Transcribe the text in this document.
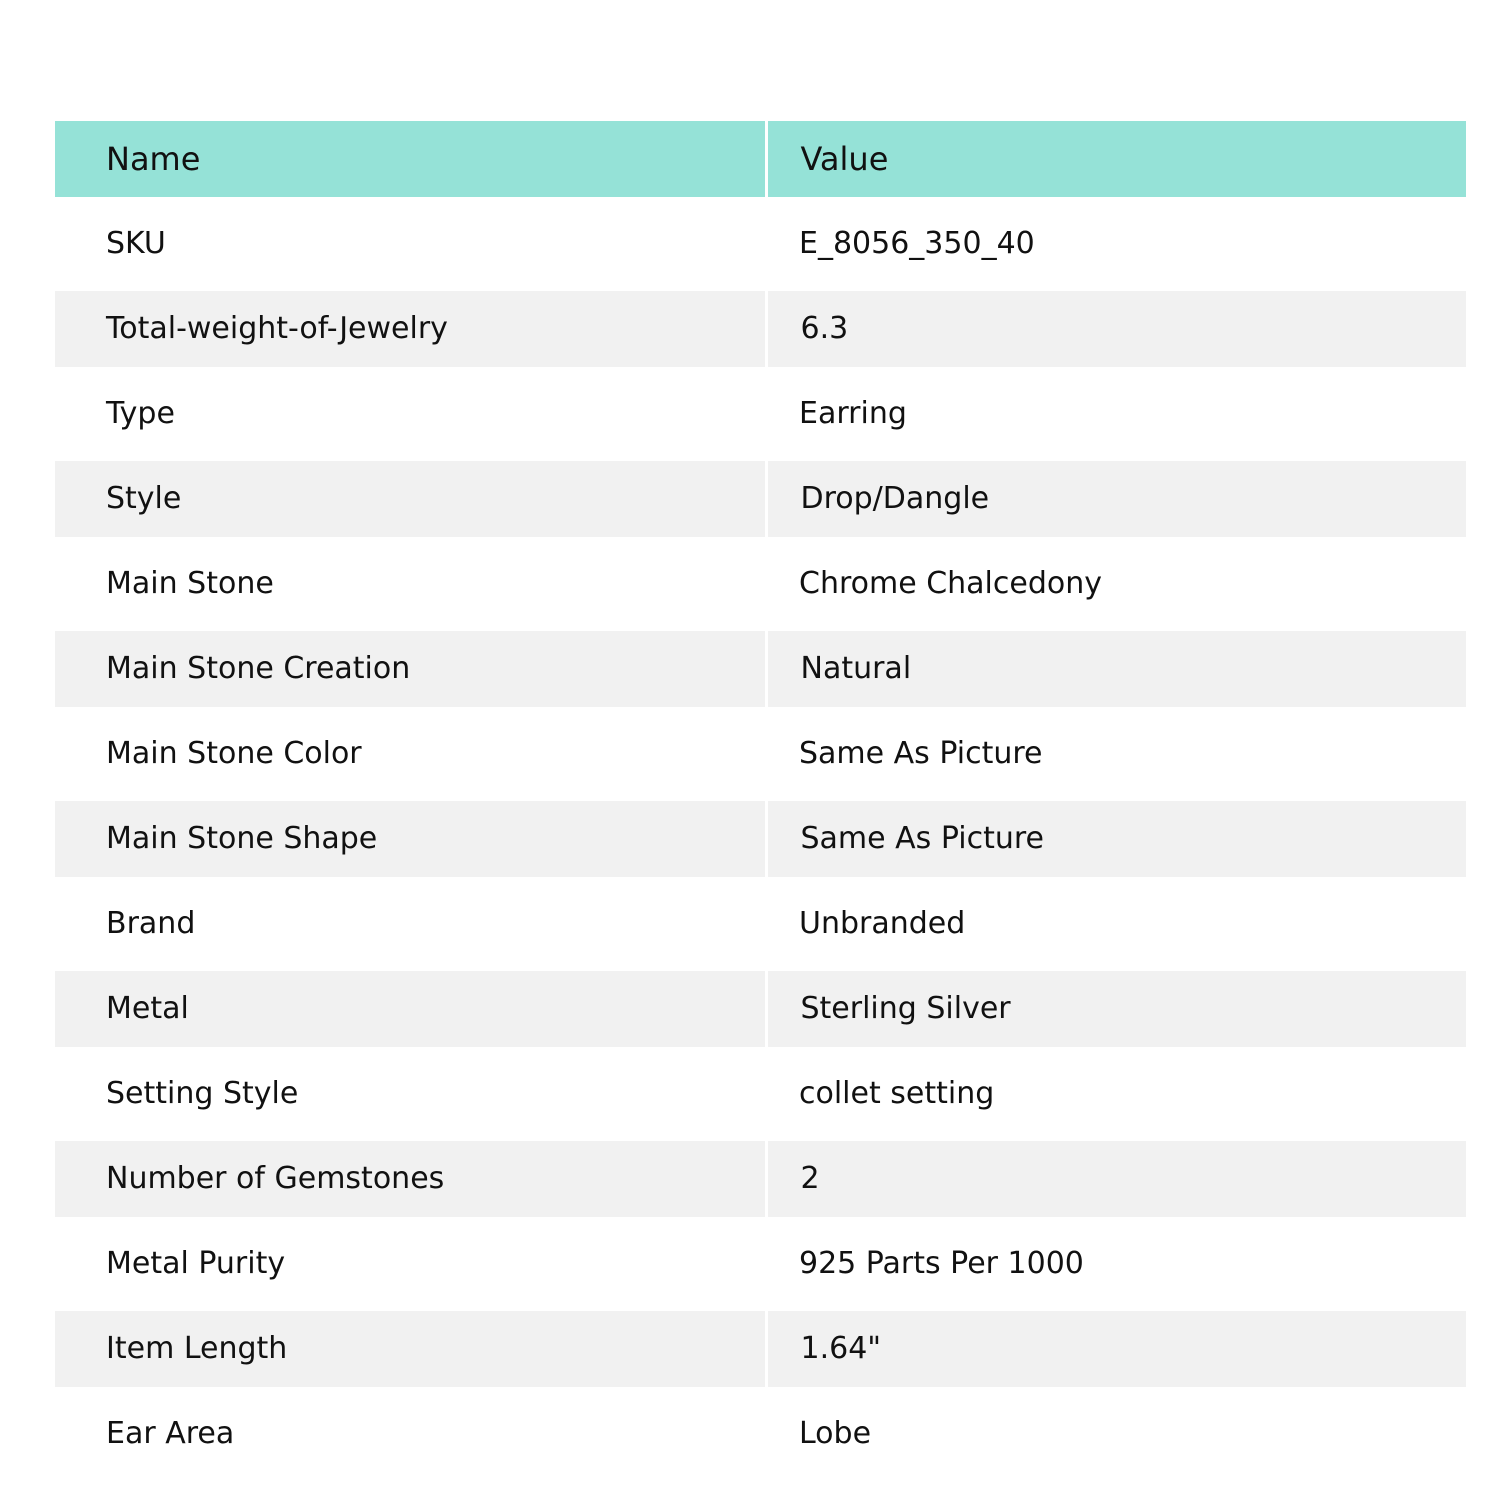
Name	Value
SKU	E_8056_350_40
Total-weight-of-Jewelry	6.3
Type	Earring
Style	Drop/Dangle
Main Stone	Chrome Chalcedony
Main Stone Creation	Natural
Main Stone Color	Same As Picture
Main Stone Shape	Same As Picture
Brand	Unbranded
Metal	Sterling Silver
Setting Style	collet setting
Number of Gemstones	2
Metal Purity	925 Parts Per 1000
Item Length	1.64"
Ear Area	Lobe
